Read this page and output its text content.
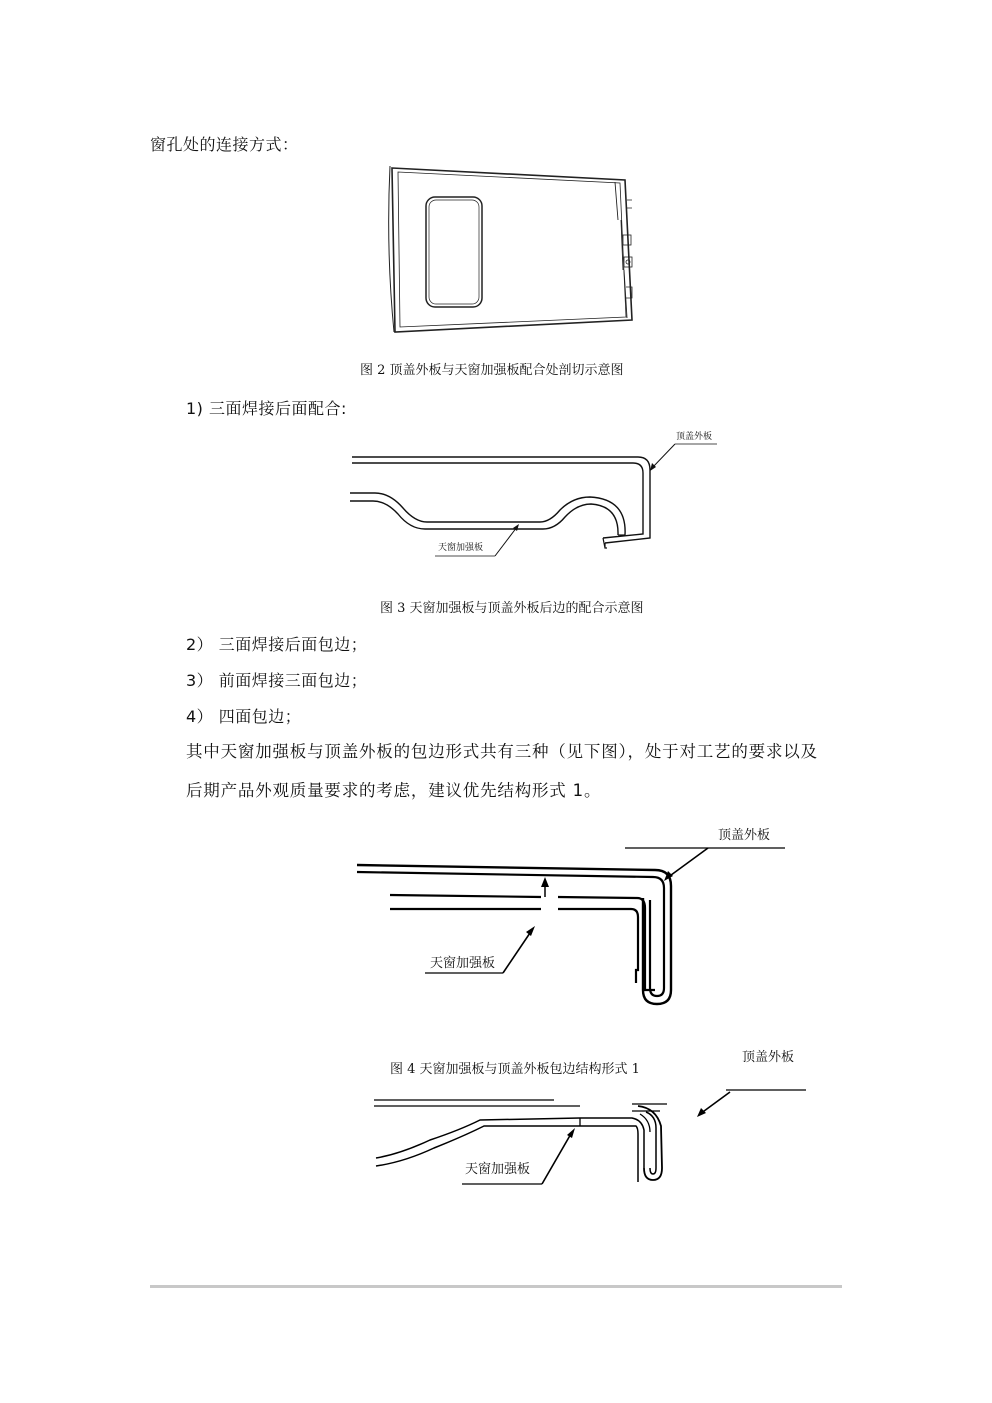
窗孔处的连接方式：
图 2 顶盖外板与天窗加强板配合处剖切示意图
1) 三面焊接后面配合:
顶盖外板
天窗加强板
图 3 天窗加强板与顶盖外板后边的配合示意图
2） 三面焊接后面包边；
3） 前面焊接三面包边；
4） 四面包边；
其中天窗加强板与顶盖外板的包边形式共有三种（见下图），处于对工艺的要求以及
后期产品外观质量要求的考虑，建议优先结构形式 1。
顶盖外板
天窗加强板
图 4 天窗加强板与顶盖外板包边结构形式 1
顶盖外板
天窗加强板
